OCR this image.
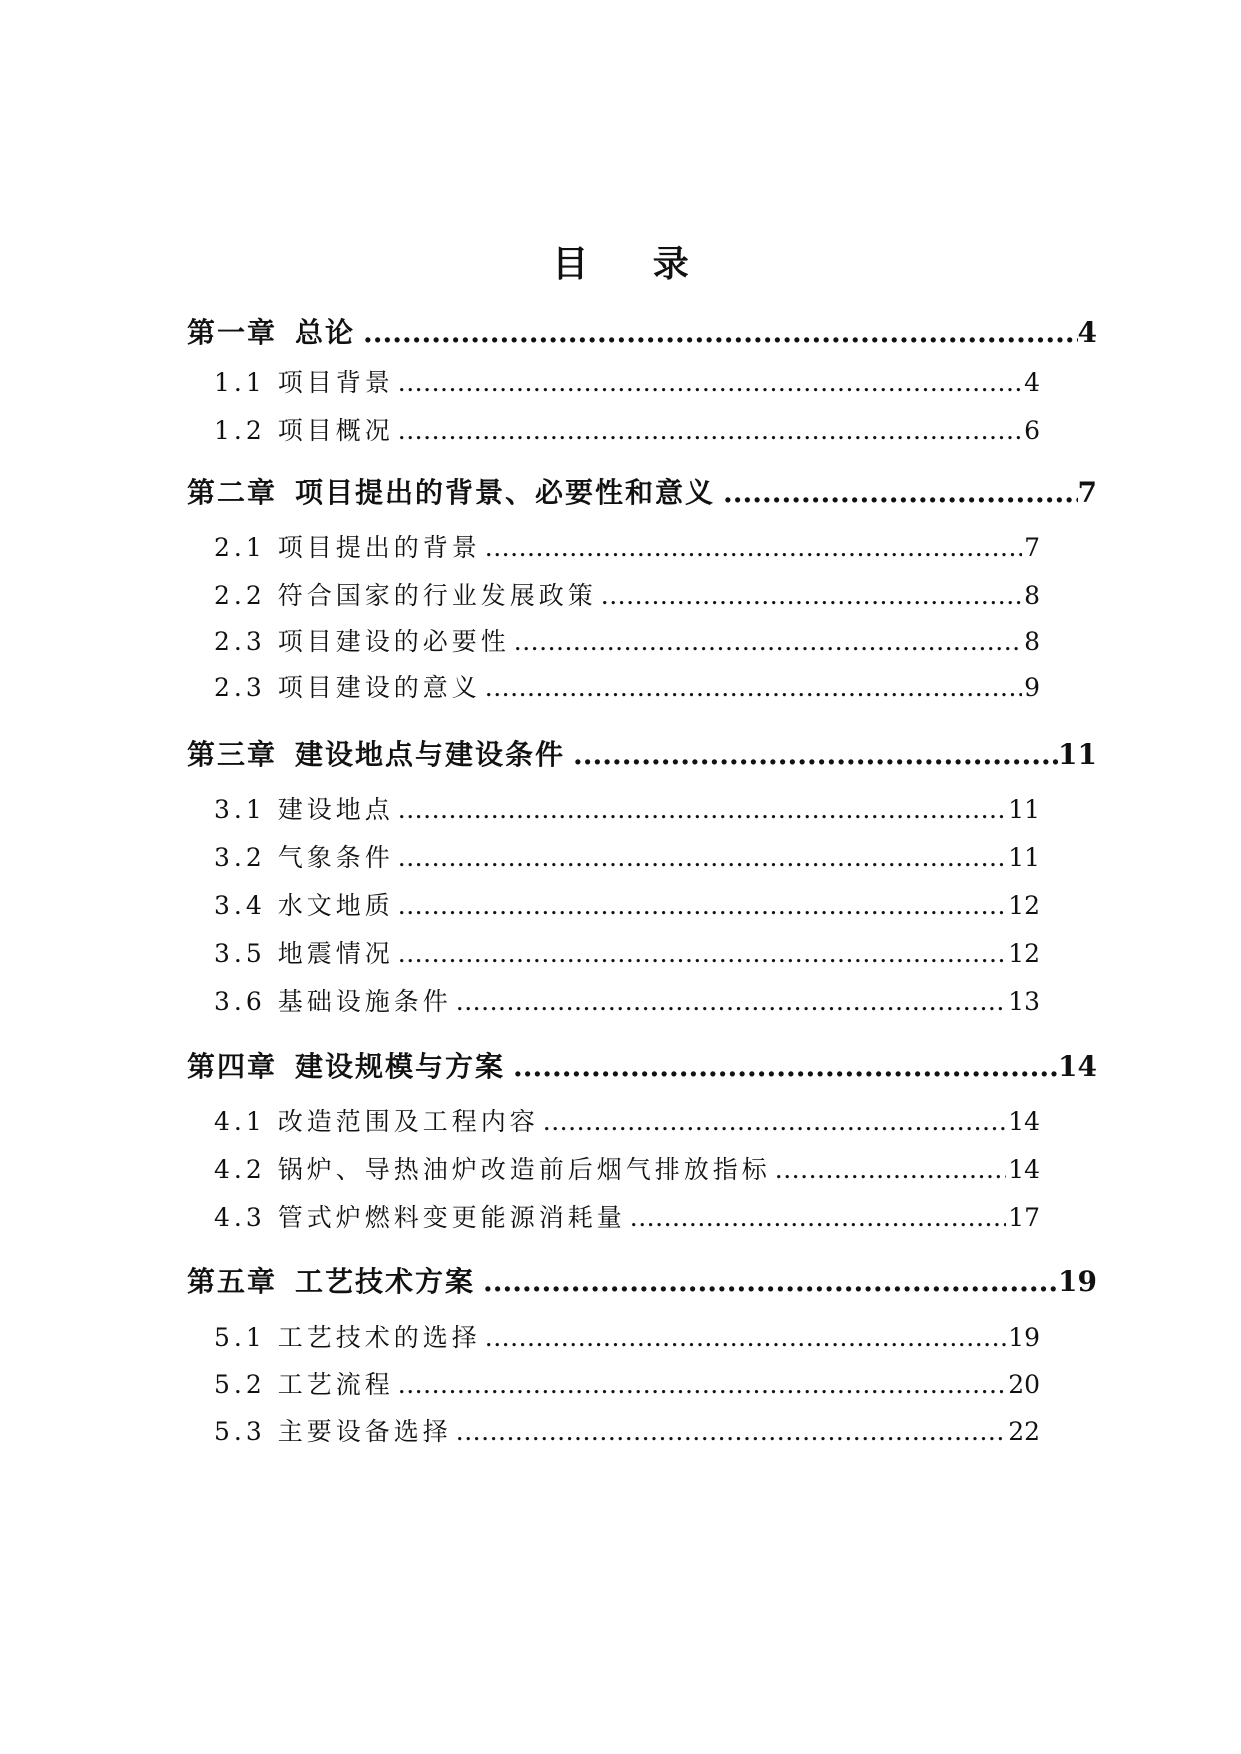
目 录
第一章 总论 .....	4
1.1 项目背景 .....	4
1.2 项目概况 .....	6
第二章 项目提出的背景、必要性和意义 .....	7
2.1 项目提出的背景 .....	7
2.2 符合国家的行业发展政策 .....	8
2.3 项目建设的必要性 .....	8
2.3 项目建设的意义 .....	9
第三章 建设地点与建设条件 .....	11
3.1 建设地点 .....	11
3.2 气象条件 .....	11
3.4 水文地质 .....	12
3.5 地震情况 .....	12
3.6 基础设施条件 .....	13
第四章 建设规模与方案 .....	14
4.1 改造范围及工程内容 .....	14
4.2 锅炉、导热油炉改造前后烟气排放指标 .....	14
4.3 管式炉燃料变更能源消耗量 .....	17
第五章 工艺技术方案 .....	19
5.1 工艺技术的选择 .....	19
5.2 工艺流程 .....	20
5.3 主要设备选择 .....	22
